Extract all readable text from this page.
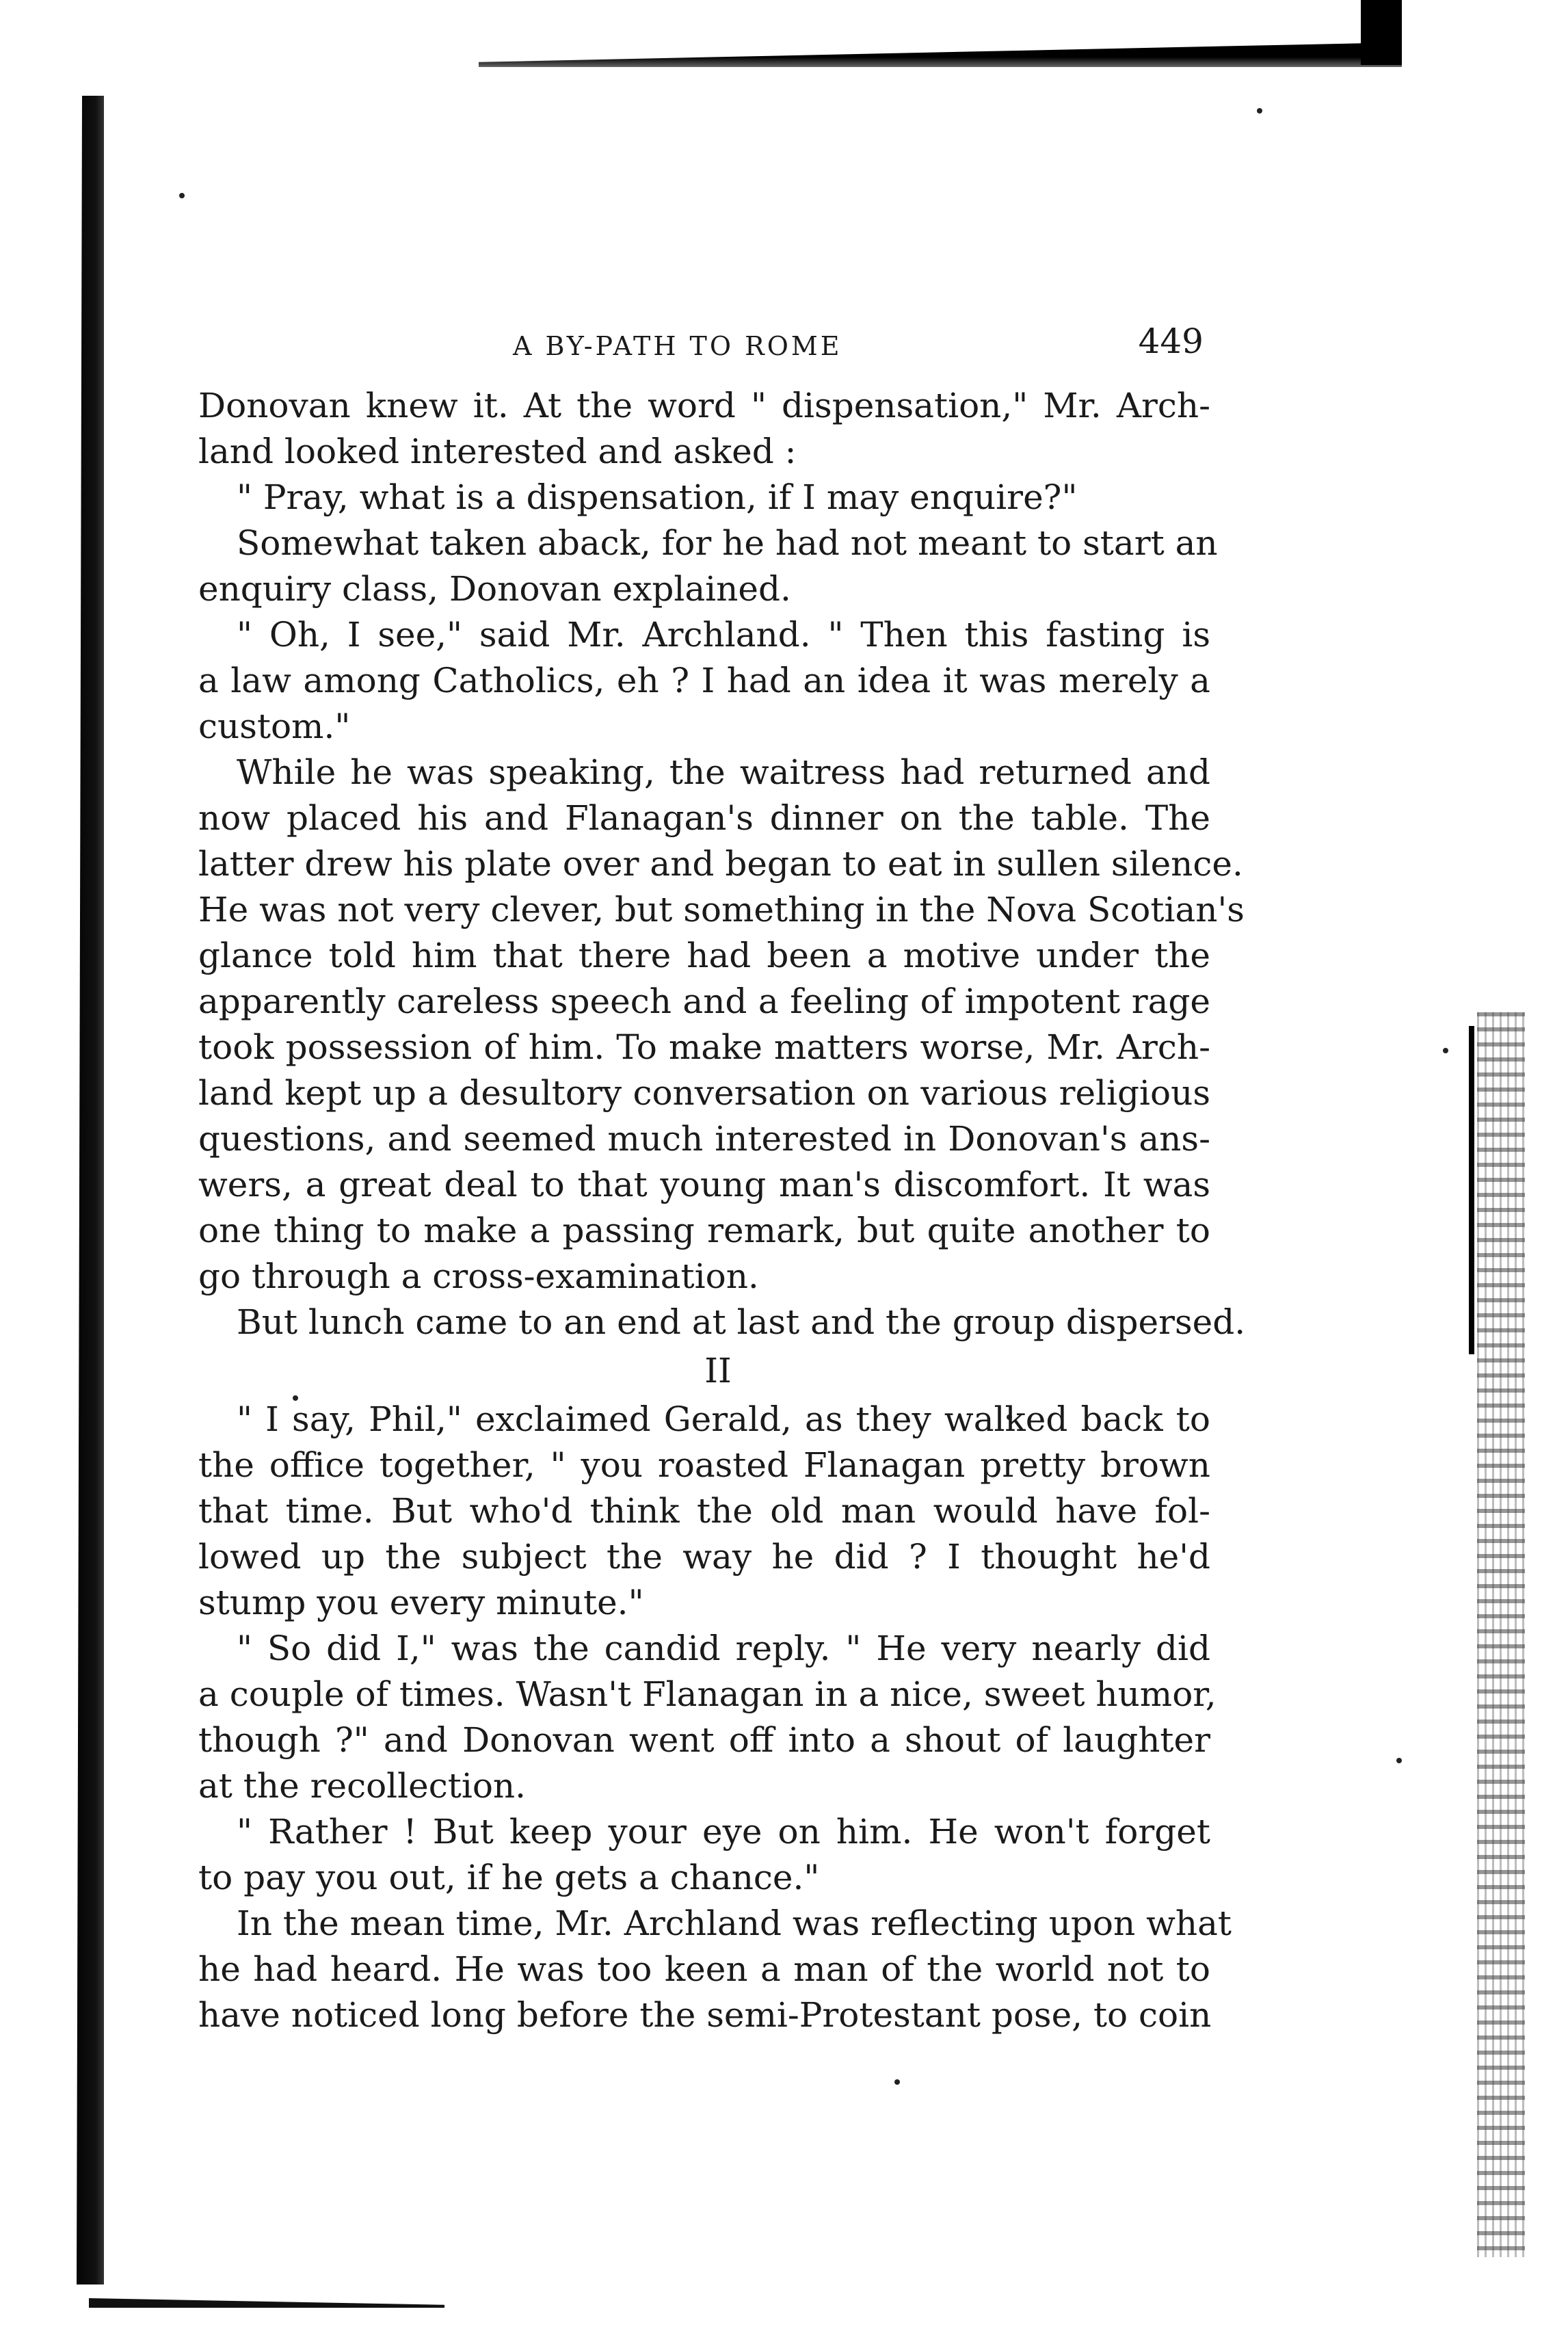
A BY-PATH TO ROME	449
Donovan knew it. At the word " dispensation," Mr. Arch-
land looked interested and asked :
" Pray, what is a dispensation, if I may enquire?"
Somewhat taken aback, for he had not meant to start an
enquiry class, Donovan explained.
" Oh, I see," said Mr. Archland. " Then this fasting is
a law among Catholics, eh ? I had an idea it was merely a
custom."
While he was speaking, the waitress had returned and
now placed his and Flanagan's dinner on the table. The
latter drew his plate over and began to eat in sullen silence.
He was not very clever, but something in the Nova Scotian's
glance told him that there had been a motive under the
apparently careless speech and a feeling of impotent rage
took possession of him. To make matters worse, Mr. Arch-
land kept up a desultory conversation on various religious
questions, and seemed much interested in Donovan's ans-
wers, a great deal to that young man's discomfort. It was
one thing to make a passing remark, but quite another to
go through a cross-examination.
But lunch came to an end at last and the group dispersed.
II
" I say, Phil," exclaimed Gerald, as they walked back to
the office together, " you roasted Flanagan pretty brown
that time. But who'd think the old man would have fol-
lowed up the subject the way he did ? I thought he'd
stump you every minute."
" So did I," was the candid reply. " He very nearly did
a couple of times. Wasn't Flanagan in a nice, sweet humor,
though ?" and Donovan went off into a shout of laughter
at the recollection.
" Rather ! But keep your eye on him. He won't forget
to pay you out, if he gets a chance."
In the mean time, Mr. Archland was reflecting upon what
he had heard. He was too keen a man of the world not to
have noticed long before the semi-Protestant pose, to coin
